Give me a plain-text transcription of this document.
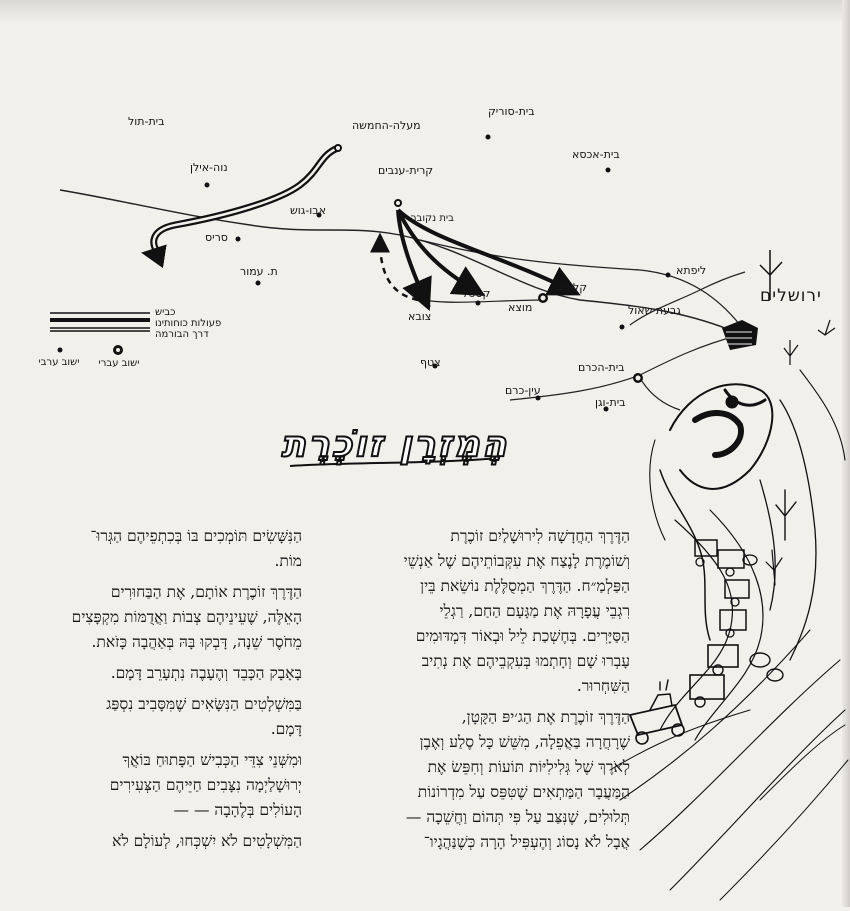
בית-תול	מעלה-החמשה
בית-סוריק
בית-אכסא
נוה-אילן	קרית-ענבים
אבו-גוש
בית נקובה
סריס
ת. עמור	ליפתא
קלוניה
מוצא
קסטל
צובא
ירושלים
גבעת שאול
צטף	בית-הכרם
עין-כרם
בית-וגן
כביש
פעולות כוחותינו
דרך הבורמה
ישוב ערבי ישוב עברי
הֶמֶזְרָן זוֹכֶרֶת

הַדֶּרֶךְ הַחֲדָשָׁה לִירוּשָׁלַיִם זוֹכֶרֶת
וְשׁוֹמֶרֶת לָנֶצַח אֶת עִקְּבוֹתֵיהֶם שֶׁל אַנְשֵׁי
הַפַּלְמַ״ח. הַדֶּרֶךְ הַמְסֻלֶּלֶת נוֹשֵׂאת בֵּין
רִגְבֵי עֲפָרָהּ אֶת מַגָּעָם הַחַם, רַגְלֵי
הַסַּיָּרִים. בְּחֶשְׁכַת לֵיל וּבְאוֹר דִּמְדּוּמִים
עָבְרוּ שָׁם וְחָתְמוּ בְּעִקְבֵיהֶם אֶת נְתִיב
הַשִּׁחְרוּר.

הַדֶּרֶךְ זוֹכֶרֶת אֶת הַג׳יפּ הַקָּטָן,
שֶׁרָחֲרָה בַּאֲפֵלָה, מִשֵּׁשׁ כָּל סֶלַע וְאֶבֶן
לְאֹרֶךְ שֶׁל גְּלִילִיּוֹת תּוֹעוֹת וְחִפֵּשׂ אֶת
הַמַּעֲבָר הַמַּתְאִים שֶׁטִּפֵּס עַל מִדְרוֹנוֹת
תְּלוּלִים, שֶׁנִּצַּב עַל פִּי תְּהוֹם וַחֲשֵׁכָה —
אֲבָל לֹא נָסוֹג וְהֶעְפִּיל הָרָה כְּשֶׁנַּהֲגָיו־

הַנִּשָּׁשִׂים תּוֹמְכִים בּוֹ בְּכִתְפֵיהֶם הַגְּרוּ־
מוֹת.

הַדֶּרֶךְ זוֹכֶרֶת אוֹתָם, אֶת הַבַּחוּרִים
הָאֵלֶּה, שֶׁעֵינֵיהֶם צְבוֹת וַאֲדֻמּוֹת מִקְפָּצִים
מֵחֹסֶר שֵׁנָה, דָּבְקוּ בָּהּ בְּאַהֲבָה כָּזֹאת.

בָּאָבָק הַכָּבֵד וְהֶעָבֶה נִתְעָרֵב דָּמָם.

בַּמִּשְׁלָטִים הַנִּשָּׂאִים שֶׁמִּסָּבִיב נִסְפַּג
דָּמָם.

וּמִשְּׁנֵי צִדֵּי הַכְּבִישׁ הַפָּתוּחַ בּוֹאֲךָ
יְרוּשָׁלַיְמָה נִצָּבִים חַיֵּיהֶם הַצְּעִירִים
הָעוֹלִים בְּלֶהָבָה — —

הַמִּשְׁלָטִים לֹא יִשְׁכְּחוּ, לְעוֹלָם לֹא
